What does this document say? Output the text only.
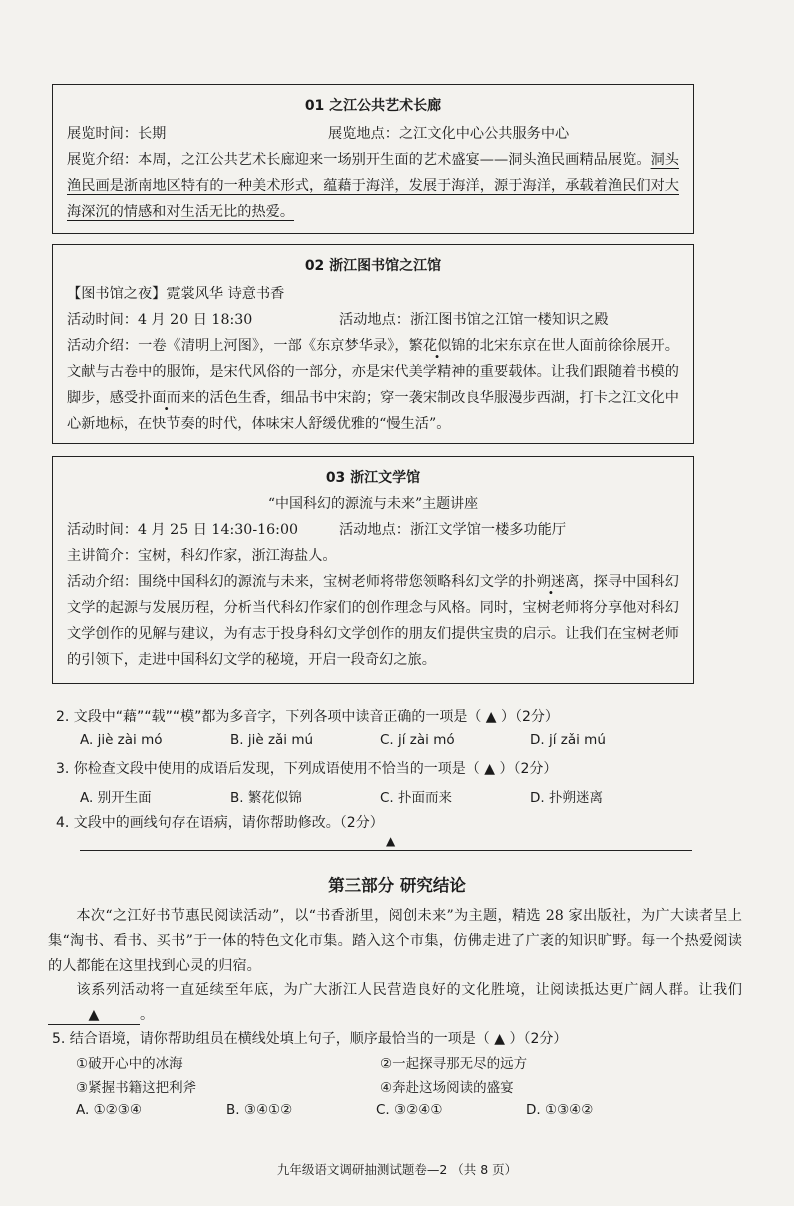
01 之江公共艺术长廊
展览时间：长期	展览地点：之江文化中心公共服务中心
展览介绍：本周，之江公共艺术长廊迎来一场别开生面的艺术盛宴——洞头渔民画精品展览。洞头渔民画是浙南地区特有的一种美术形式，蕴藉于海洋，发展于海洋，源于海洋，承载着渔民们对大海深沉的情感和对生活无比的热爱。
02 浙江图书馆之江馆
【图书馆之夜】霓裳风华 诗意书香
活动时间：4 月 20 日 18:30	活动地点：浙江图书馆之江馆一楼知识之殿
活动介绍：一卷《清明上河图》，一部《东京梦华录》，繁花似锦的北宋东京在世人面前徐徐展开。文献与古卷中的服饰，是宋代风俗的一部分，亦是宋代美学精神的重要载体。让我们跟随着书模的脚步，感受扑面而来的活色生香，细品书中宋韵；穿一袭宋制改良华服漫步西湖，打卡之江文化中心新地标，在快节奏的时代，体味宋人舒缓优雅的“慢生活”。
03 浙江文学馆
“中国科幻的源流与未来”主题讲座
活动时间：4 月 25 日 14:30-16:00	活动地点：浙江文学馆一楼多功能厅
主讲简介：宝树，科幻作家，浙江海盐人。
活动介绍：围绕中国科幻的源流与未来，宝树老师将带您领略科幻文学的扑朔迷离，探寻中国科幻文学的起源与发展历程，分析当代科幻作家们的创作理念与风格。同时，宝树老师将分享他对科幻文学创作的见解与建议，为有志于投身科幻文学创作的朋友们提供宝贵的启示。让我们在宝树老师的引领下，走进中国科幻文学的秘境，开启一段奇幻之旅。
2. 文段中“藉”“载”“模”都为多音字，下列各项中读音正确的一项是（ ▲ ）（2分）
A. jiè zài mó	B. jiè zǎi mú	C. jí zài mó	D. jí zǎi mú
3. 你检查文段中使用的成语后发现，下列成语使用不恰当的一项是（ ▲ ）（2分）
A. 别开生面	B. 繁花似锦	C. 扑面而来	D. 扑朔迷离
4. 文段中的画线句存在语病，请你帮助修改。（2分）
▲
第三部分 研究结论
本次“之江好书节惠民阅读活动”，以“书香浙里，阅创未来”为主题，精选 28 家出版社，为广大读者呈上集“淘书、看书、买书”于一体的特色文化市集。踏入这个市集，仿佛走进了广袤的知识旷野。每一个热爱阅读的人都能在这里找到心灵的归宿。
该系列活动将一直延续至年底，为广大浙江人民营造良好的文化胜境，让阅读抵达更广阔人群。让我们▲	。
5. 结合语境，请你帮助组员在横线处填上句子，顺序最恰当的一项是（ ▲ ）（2分）
①破开心中的冰海	②一起探寻那无尽的远方
③紧握书籍这把利斧	④奔赴这场阅读的盛宴
A. ①②③④	B. ③④①②	C. ③②④①	D. ①③④②
九年级语文调研抽测试题卷—2 （共 8 页）
